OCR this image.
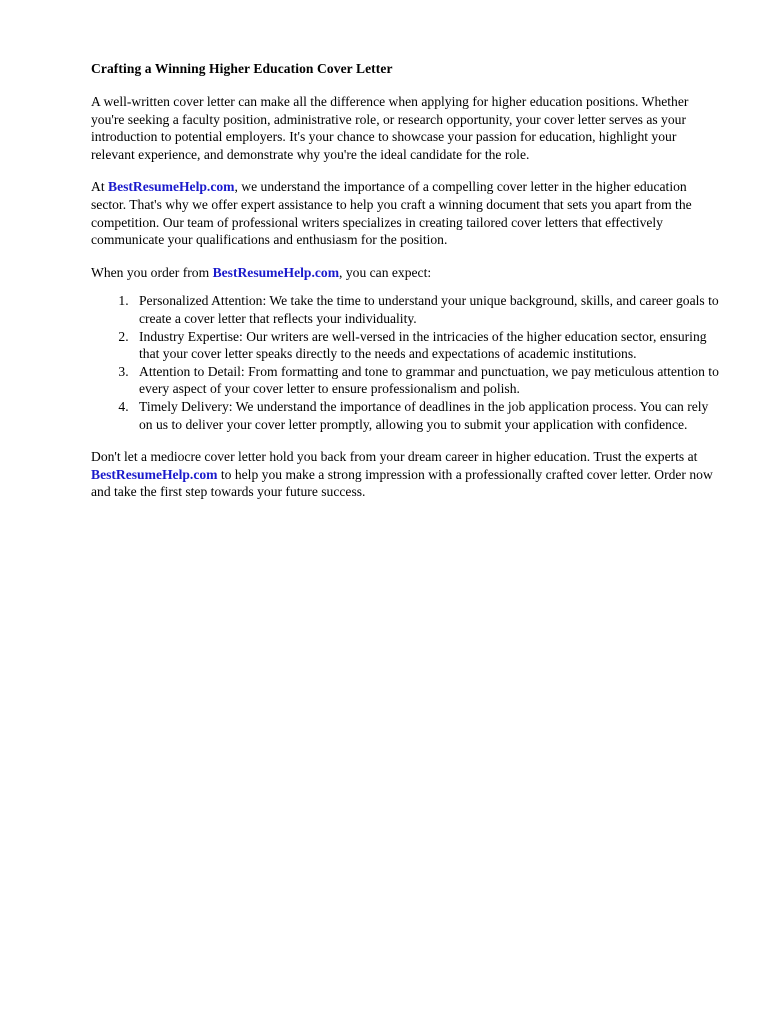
Crafting a Winning Higher Education Cover Letter

A well-written cover letter can make all the difference when applying for higher education positions. Whether you're seeking a faculty position, administrative role, or research opportunity, your cover letter serves as your introduction to potential employers. It's your chance to showcase your passion for education, highlight your relevant experience, and demonstrate why you're the ideal candidate for the role.

At BestResumeHelp.com, we understand the importance of a compelling cover letter in the higher education sector. That's why we offer expert assistance to help you craft a winning document that sets you apart from the competition. Our team of professional writers specializes in creating tailored cover letters that effectively communicate your qualifications and enthusiasm for the position.

When you order from BestResumeHelp.com, you can expect:

1. Personalized Attention: We take the time to understand your unique background, skills, and career goals to create a cover letter that reflects your individuality.
2. Industry Expertise: Our writers are well-versed in the intricacies of the higher education sector, ensuring that your cover letter speaks directly to the needs and expectations of academic institutions.
3. Attention to Detail: From formatting and tone to grammar and punctuation, we pay meticulous attention to every aspect of your cover letter to ensure professionalism and polish.
4. Timely Delivery: We understand the importance of deadlines in the job application process. You can rely on us to deliver your cover letter promptly, allowing you to submit your application with confidence.

Don't let a mediocre cover letter hold you back from your dream career in higher education. Trust the experts at BestResumeHelp.com to help you make a strong impression with a professionally crafted cover letter. Order now and take the first step towards your future success.
